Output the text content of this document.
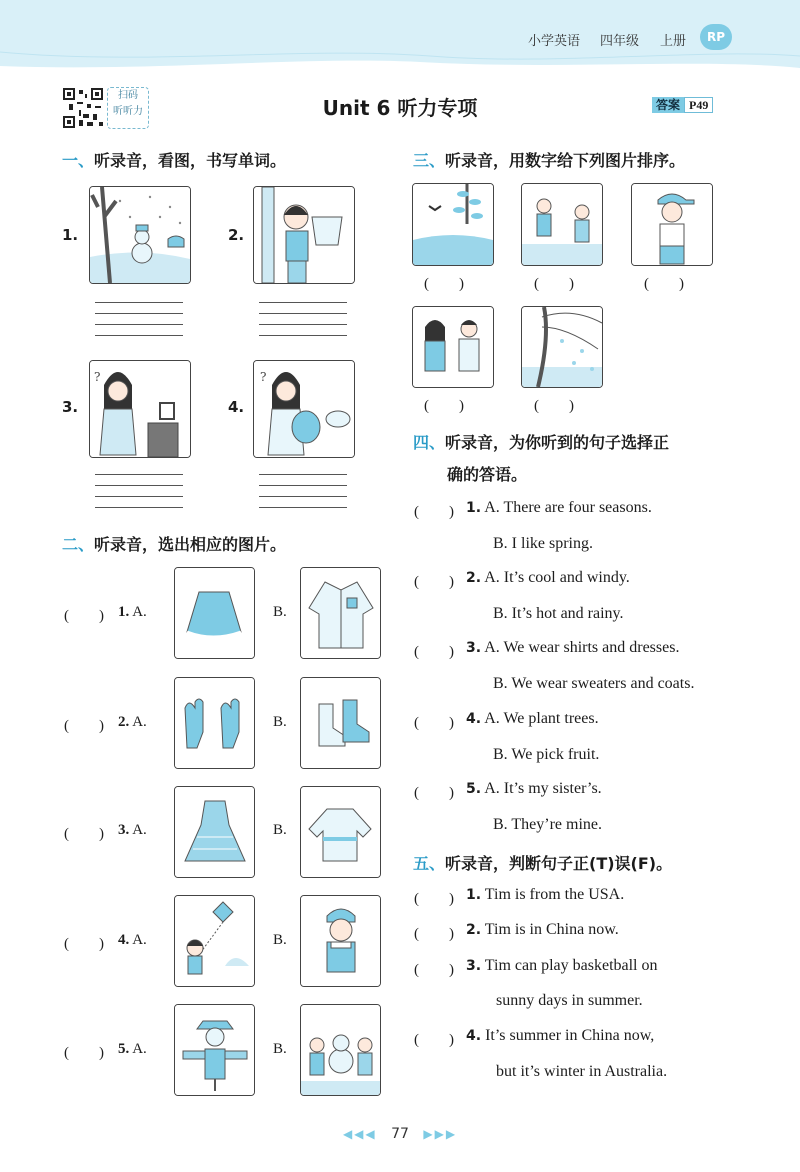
小学英语 四年级 上册	RP
扫码
听听力	Unit 6 听力专项	答案 P49
一、听录音，看图，书写单词。
1.	2.
3.
?
4.
?
二、听录音，选出相应的图片。
(　　) 1. A.	B.
(　　) 2. A.	B.
(　　) 3. A.	B.
(　　) 4. A.	B.
(　　) 5. A.	B.
三、听录音，用数字给下列图片排序。
(　　)	(　　)	(　　)
(　　)	(　　)
四、听录音，为你听到的句子选择正
确的答语。
(　　) 1. A. There are four seasons.
B. I like spring.
(　　) 2. A. It’s cool and windy.
B. It’s hot and rainy.
(　　) 3. A. We wear shirts and dresses.
B. We wear sweaters and coats.
(　　) 4. A. We plant trees.
B. We pick fruit.
(　　) 5. A. It’s my sister’s.
B. They’re mine.
五、听录音，判断句子正(T)误(F)。
(　　) 1. Tim is from the USA.
(　　) 2. Tim is in China now.
(　　) 3. Tim can play basketball on
sunny days in summer.
(　　) 4. It’s summer in China now,
but it’s winter in Australia.
◀◀◀ 77 ▶▶▶
